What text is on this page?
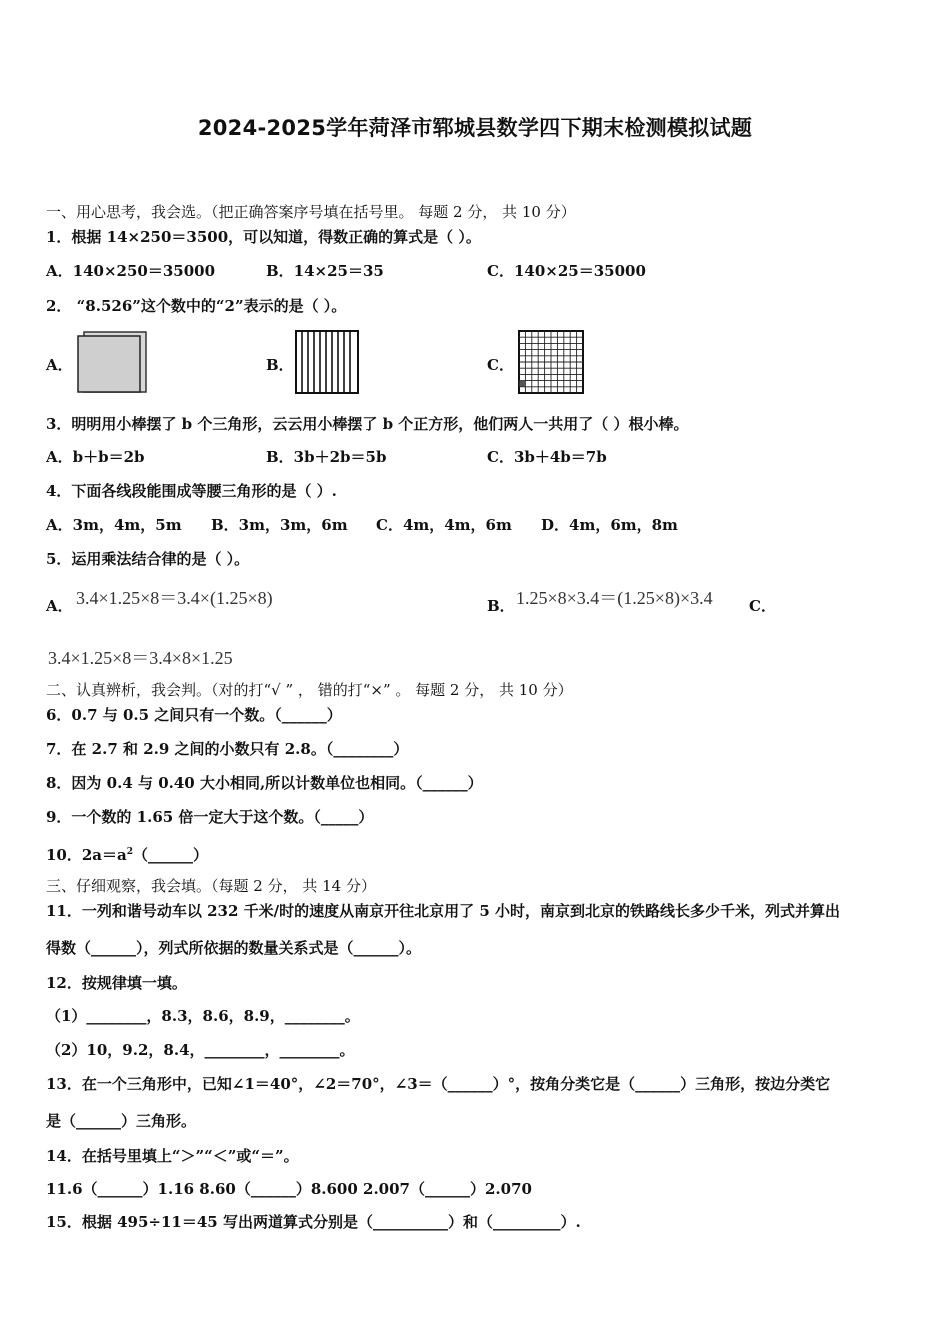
2024-2025学年菏泽市郓城县数学四下期末检测模拟试题
一、用心思考，我会选。（把正确答案序号填在括号里。 每题 2 分， 共 10 分）
1．根据 14×250＝3500，可以知道，得数正确的算式是（ ）。
A．140×250＝35000	B．14×25＝35	C．140×25＝35000
2． “8.526”这个数中的“2”表示的是（ ）。
A．	B．	C．
3．明明用小棒摆了 b 个三角形，云云用小棒摆了 b 个正方形，他们两人一共用了（ ）根小棒。
A．b＋b＝2b	B．3b＋2b＝5b	C．3b＋4b＝7b
4．下面各线段能围成等腰三角形的是（ ）.
A．3m，4m，5m B．3m，3m，6m C．4m，4m，6m D．4m，6m，8m
5．运用乘法结合律的是（ ）。
A． 3.4×1.25×8＝3.4×(1.25×8)	B． 1.25×8×3.4＝(1.25×8)×3.4 C．
3.4×1.25×8＝3.4×8×1.25
二、认真辨析，我会判。（对的打“√ ” ， 错的打“×” 。 每题 2 分， 共 10 分）
6．0.7 与 0.5 之间只有一个数。（______）
7．在 2.7 和 2.9 之间的小数只有 2.8。（________）
8．因为 0.4 与 0.40 大小相同,所以计数单位也相同。（______）
9．一个数的 1.65 倍一定大于这个数。（_____）
10．$2a=a^2(\_\_\_\_\_\_)$
三、仔细观察，我会填。（每题 2 分， 共 14 分）
11．一列和谐号动车以 232 千米/时的速度从南京开往北京用了 5 小时，南京到北京的铁路线长多少千米，列式并算出
得数（______），列式所依据的数量关系式是（______）。
12．按规律填一填。
（1）________，8.3，8.6，8.9，________。
（2）10，9.2，8.4，________，________。
13．在一个三角形中，已知∠1＝40°，∠2＝70°，∠3＝（______）°，按角分类它是（______）三角形，按边分类它
是（______）三角形。
14．在括号里填上“＞”“＜”或“＝”。
11.6（______）1.16 8.60（______）8.600 2.007（______）2.070
15．根据 495÷11＝45 写出两道算式分别是（__________）和（_________）.
